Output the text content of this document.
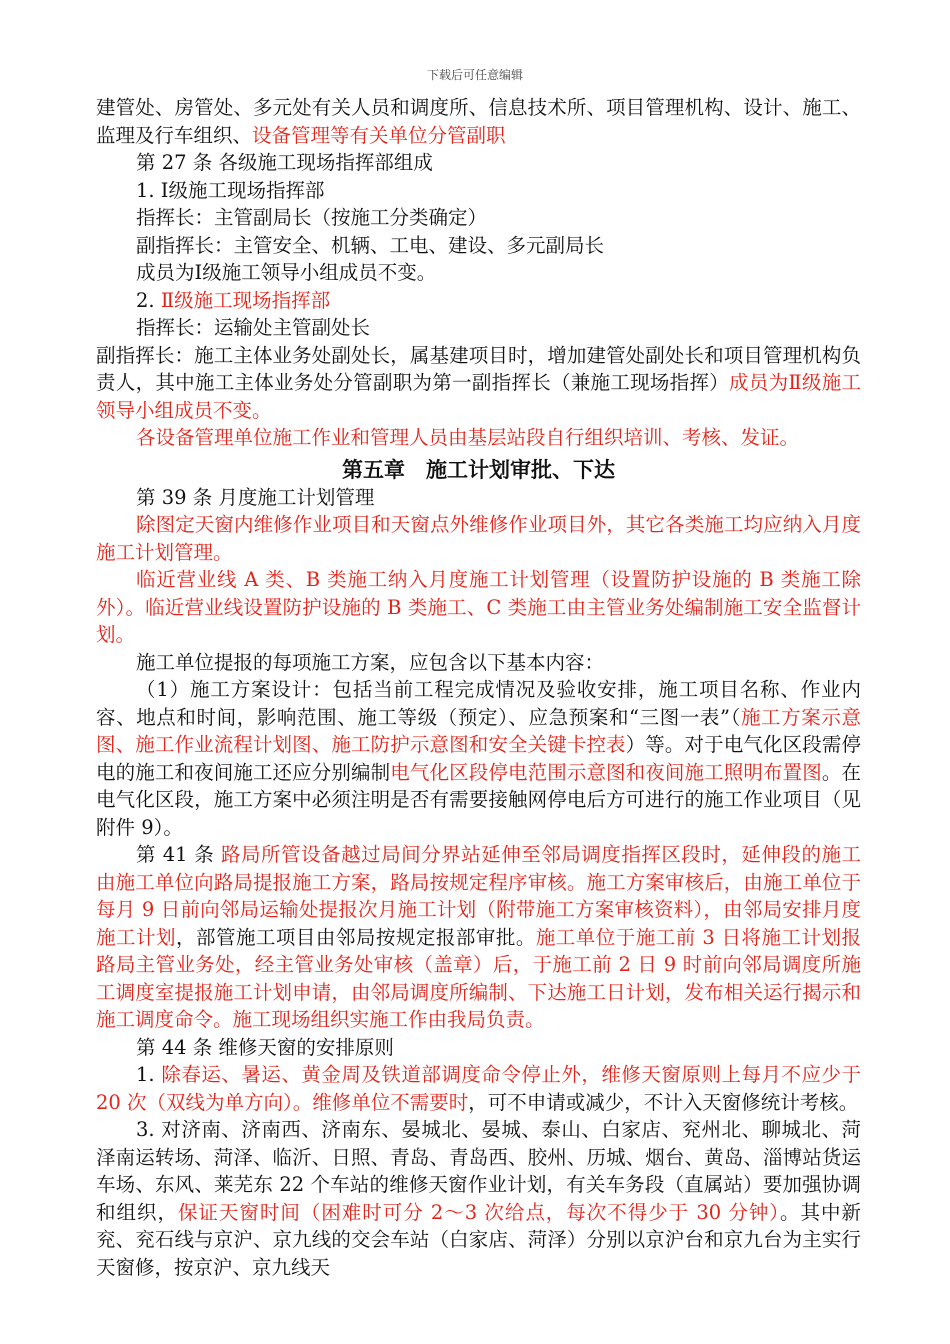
下载后可任意编辑

建管处、房管处、多元处有关人员和调度所、信息技术所、项目管理机构、设计、施工、监理及行车组织、设备管理等有关单位分管副职

第 27 条 各级施工现场指挥部组成

1. Ⅰ级施工现场指挥部

指挥长：主管副局长（按施工分类确定）

副指挥长：主管安全、机辆、工电、建设、多元副局长

成员为Ⅰ级施工领导小组成员不变。

2. Ⅱ级施工现场指挥部

指挥长：运输处主管副处长

副指挥长：施工主体业务处副处长，属基建项目时，增加建管处副处长和项目管理机构负责人，其中施工主体业务处分管副职为第一副指挥长（兼施工现场指挥）成员为Ⅱ级施工领导小组成员不变。

各设备管理单位施工作业和管理人员由基层站段自行组织培训、考核、发证。

第五章　施工计划审批、下达

第 39 条 月度施工计划管理

除图定天窗内维修作业项目和天窗点外维修作业项目外，其它各类施工均应纳入月度施工计划管理。

临近营业线 A 类、B 类施工纳入月度施工计划管理（设置防护设施的 B 类施工除外）。临近营业线设置防护设施的 B 类施工、C 类施工由主管业务处编制施工安全监督计划。

施工单位提报的每项施工方案，应包含以下基本内容：

（1）施工方案设计：包括当前工程完成情况及验收安排，施工项目名称、作业内容、地点和时间，影响范围、施工等级（预定）、应急预案和“三图一表”（施工方案示意图、施工作业流程计划图、施工防护示意图和安全关键卡控表）等。对于电气化区段需停电的施工和夜间施工还应分别编制电气化区段停电范围示意图和夜间施工照明布置图。在电气化区段，施工方案中必须注明是否有需要接触网停电后方可进行的施工作业项目（见附件 9）。

第 41 条 路局所管设备越过局间分界站延伸至邻局调度指挥区段时，延伸段的施工由施工单位向路局提报施工方案，路局按规定程序审核。施工方案审核后，由施工单位于每月 9 日前向邻局运输处提报次月施工计划（附带施工方案审核资料），由邻局安排月度施工计划，部管施工项目由邻局按规定报部审批。施工单位于施工前 3 日将施工计划报路局主管业务处，经主管业务处审核（盖章）后，于施工前 2 日 9 时前向邻局调度所施工调度室提报施工计划申请，由邻局调度所编制、下达施工日计划，发布相关运行揭示和施工调度命令。施工现场组织实施工作由我局负责。

第 44 条 维修天窗的安排原则

1. 除春运、暑运、黄金周及铁道部调度命令停止外，维修天窗原则上每月不应少于 20 次（双线为单方向）。维修单位不需要时，可不申请或减少，不计入天窗修统计考核。

3. 对济南、济南西、济南东、晏城北、晏城、泰山、白家店、兖州北、聊城北、菏泽南运转场、菏泽、临沂、日照、青岛、青岛西、胶州、历城、烟台、黄岛、淄博站货运车场、东风、莱芜东 22 个车站的维修天窗作业计划，有关车务段（直属站）要加强协调和组织，保证天窗时间（困难时可分 2～3 次给点，每次不得少于 30 分钟）。其中新兖、兖石线与京沪、京九线的交会车站（白家店、菏泽）分别以京沪台和京九台为主实行天窗修，按京沪、京九线天
